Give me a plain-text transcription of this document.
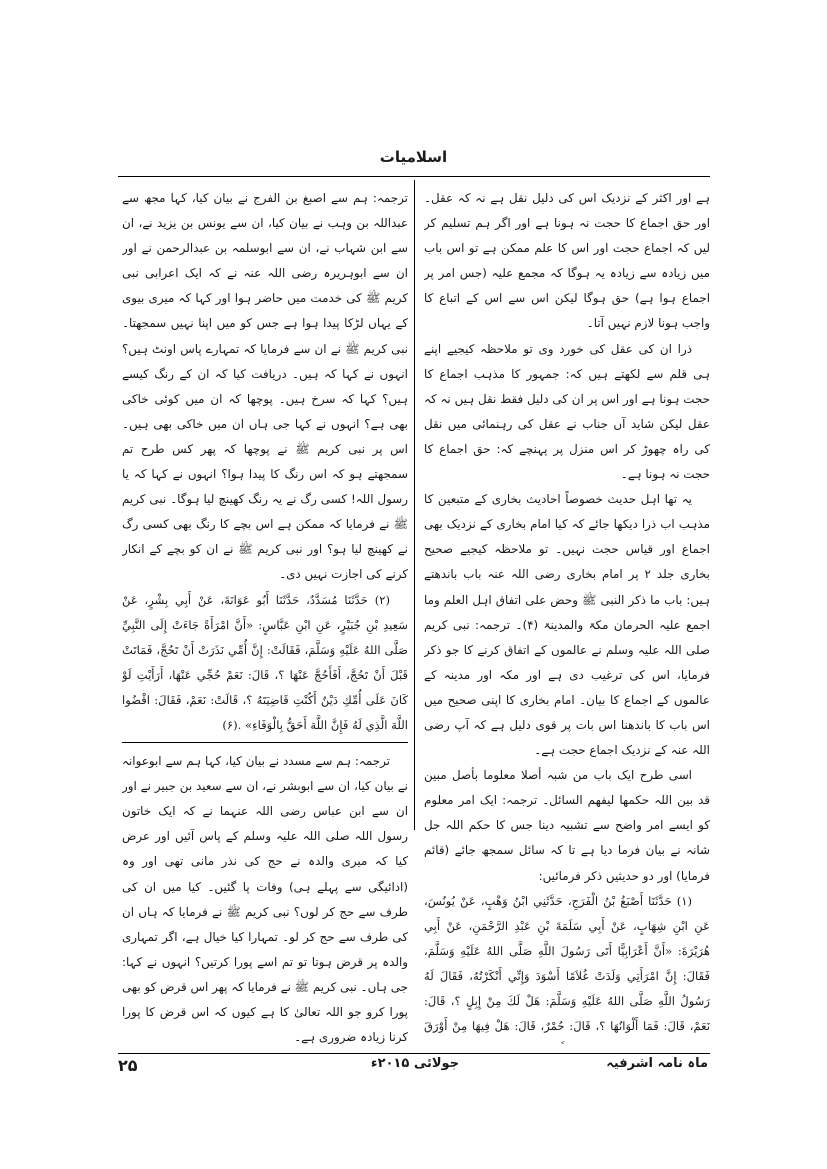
اسلامیات

ہے اور اکثر کے نزدیک اس کی دلیل نقل ہے نہ کہ عقل۔ اور حق اجماع کا حجت نہ ہونا ہے اور اگر ہم تسلیم کر لیں کہ اجماع حجت اور اس کا علم ممکن ہے تو اس باب میں زیادہ سے زیادہ یہ ہوگا کہ مجمع علیہ (جس امر پر اجماع ہوا ہے) حق ہوگا لیکن اس سے اس کے اتباع کا واجب ہونا لازم نہیں آتا۔

ذرا ان کی عقل کی خورد وی تو ملاحظہ کیجیے اپنے ہی قلم سے لکھتے ہیں کہ: جمہور کا مذہب اجماع کا حجت ہونا ہے اور اس پر ان کی دلیل فقط نقل ہیں نہ کہ عقل لیکن شاید آں جناب نے عقل کی رہنمائی میں نقل کی راہ چھوڑ کر اس منزل پر پہنچے کہ: حق اجماع کا حجت نہ ہونا ہے۔

یہ تھا اہل حدیث خصوصاً احادیث بخاری کے متبعین کا مذہب اب ذرا دیکھا جائے کہ کیا امام بخاری کے نزدیک بھی اجماع اور قیاس حجت نہیں۔ تو ملاحظہ کیجیے صحیح بخاری جلد ۲ پر امام بخاری رضی اللہ عنہ باب باندھتے ہیں: باب ما ذکر النبی ﷺ وحض علی اتفاق اہل العلم وما اجمع علیہ الحرمان مکۃ والمدینۃ (۴)۔ ترجمہ: نبی کریم صلی اللہ علیہ وسلم نے عالموں کے اتفاق کرنے کا جو ذکر فرمایا، اس کی ترغیب دی ہے اور مکہ اور مدینہ کے عالموں کے اجماع کا بیان۔ امام بخاری کا اپنی صحیح میں اس باب کا باندھنا اس بات پر قوی دلیل ہے کہ آپ رضی اللہ عنہ کے نزدیک اجماع حجت ہے۔

اسی طرح ایک باب من شبہ أصلا معلوما بأصل مبین قد بین اللہ حکمھا لیفھم السائل۔ ترجمہ: ایک امر معلوم کو ایسے امر واضح سے تشبیہ دینا جس کا حکم اللہ جل شانہ نے بیان فرما دیا ہے تا کہ سائل سمجھ جائے (قائم فرمایا) اور دو حدیثیں ذکر فرمائیں:

(۱) حَدَّثَنَا أَصْبَغُ بْنُ الْفَرَجِ، حَدَّثَنِي ابْنُ وَهْبٍ، عَنْ يُونُسَ، عَنِ ابْنِ شِهَابٍ، عَنْ أَبِي سَلَمَةَ بْنِ عَبْدِ الرَّحْمَنِ، عَنْ أَبِي هُرَيْرَةَ: «أَنَّ أَعْرَابِيًّا أَتَى رَسُولَ اللَّهِ صَلَّى اللهُ عَلَيْهِ وَسَلَّمَ، فَقَالَ: إِنَّ امْرَأَتِي وَلَدَتْ غُلاَمًا أَسْوَدَ وَإِنِّي أَنْكَرْتُهُ، فَقَالَ لَهُ رَسُولُ اللَّهِ صَلَّى اللهُ عَلَيْهِ وَسَلَّمَ: هَلْ لَكَ مِنْ إِبِلٍ ؟، قَالَ: نَعَمْ، قَالَ: فَمَا أَلْوَانُهَا ؟، قَالَ: حُمْرٌ، قَالَ: هَلْ فِيهَا مِنْ أَوْرَقَ

ترجمہ: ہم سے اصبغ بن الفرج نے بیان کیا، کہا مجھ سے عبداللہ بن وہب نے بیان کیا، ان سے یونس بن یزید نے، ان سے ابن شہاب نے، ان سے ابوسلمہ بن عبدالرحمن نے اور ان سے ابوہریرہ رضی اللہ عنہ نے کہ ایک اعرابی نبی کریم ﷺ کی خدمت میں حاضر ہوا اور کہا کہ میری بیوی کے یہاں لڑکا پیدا ہوا ہے جس کو میں اپنا نہیں سمجھتا۔ نبی کریم ﷺ نے ان سے فرمایا کہ تمہارے پاس اونٹ ہیں؟ انہوں نے کہا کہ ہیں۔ دریافت کیا کہ ان کے رنگ کیسے ہیں؟ کہا کہ سرخ ہیں۔ پوچھا کہ ان میں کوئی خاکی بھی ہے؟ انہوں نے کہا جی ہاں ان میں خاکی بھی ہیں۔ اس پر نبی کریم ﷺ نے پوچھا کہ پھر کس طرح تم سمجھتے ہو کہ اس رنگ کا پیدا ہوا؟ انہوں نے کہا کہ یا رسول اللہ! کسی رگ نے یہ رنگ کھینچ لیا ہوگا۔ نبی کریم ﷺ نے فرمایا کہ ممکن ہے اس بچے کا رنگ بھی کسی رگ نے کھینچ لیا ہو؟ اور نبی کریم ﷺ نے ان کو بچے کے انکار کرنے کی اجازت نہیں دی۔

(۲) حَدَّثَنَا مُسَدَّدٌ، حَدَّثَنَا أَبُو عَوَانَةَ، عَنْ أَبِي بِشْرٍ، عَنْ سَعِيدِ بْنِ جُبَيْرٍ، عَنِ ابْنِ عَبَّاسٍ: «أَنَّ امْرَأَةً جَاءَتْ إِلَى النَّبِيِّ صَلَّى اللهُ عَلَيْهِ وَسَلَّمَ، فَقَالَتْ: إِنَّ أُمِّي نَذَرَتْ أَنْ تَحُجَّ، فَمَاتَتْ قَبْلَ أَنْ تَحُجَّ، أَفَأَحُجَّ عَنْهَا ؟، قَالَ: نَعَمْ حُجِّي عَنْهَا، أَرَأَيْتِ لَوْ كَانَ عَلَى أُمِّكِ دَيْنٌ أَكُنْتِ قَاضِيَتَهُ ؟، قَالَتْ: نَعَمْ، فَقَالَ: اقْضُوا اللَّهَ الَّذِي لَهُ فَإِنَّ اللَّهَ أَحَقُّ بِالْوَفَاءِ» .(۶)

ترجمہ: ہم سے مسدد نے بیان کیا، کہا ہم سے ابوعوانہ نے بیان کیا، ان سے ابوبشر نے، ان سے سعید بن جبیر نے اور ان سے ابن عباس رضی اللہ عنہما نے کہ ایک خاتون رسول اللہ صلی اللہ علیہ وسلم کے پاس آئیں اور عرض کیا کہ میری والدہ نے حج کی نذر مانی تھی اور وہ (ادائیگی سے پہلے ہی) وفات پا گئیں۔ کیا میں ان کی طرف سے حج کر لوں؟ نبی کریم ﷺ نے فرمایا کہ ہاں ان کی طرف سے حج کر لو۔ تمہارا کیا خیال ہے، اگر تمہاری والدہ پر قرض ہوتا تو تم اسے پورا کرتیں؟ انہوں نے کہا: جی ہاں۔ نبی کریم ﷺ نے فرمایا کہ پھر اس قرض کو بھی پورا کرو جو اللہ تعالیٰ کا ہے کیوں کہ اس قرض کا پورا کرنا زیادہ ضروری ہے۔

ماہ نامہ اشرفیہ
جولائی ۲۰۱۵ء
۲۵
